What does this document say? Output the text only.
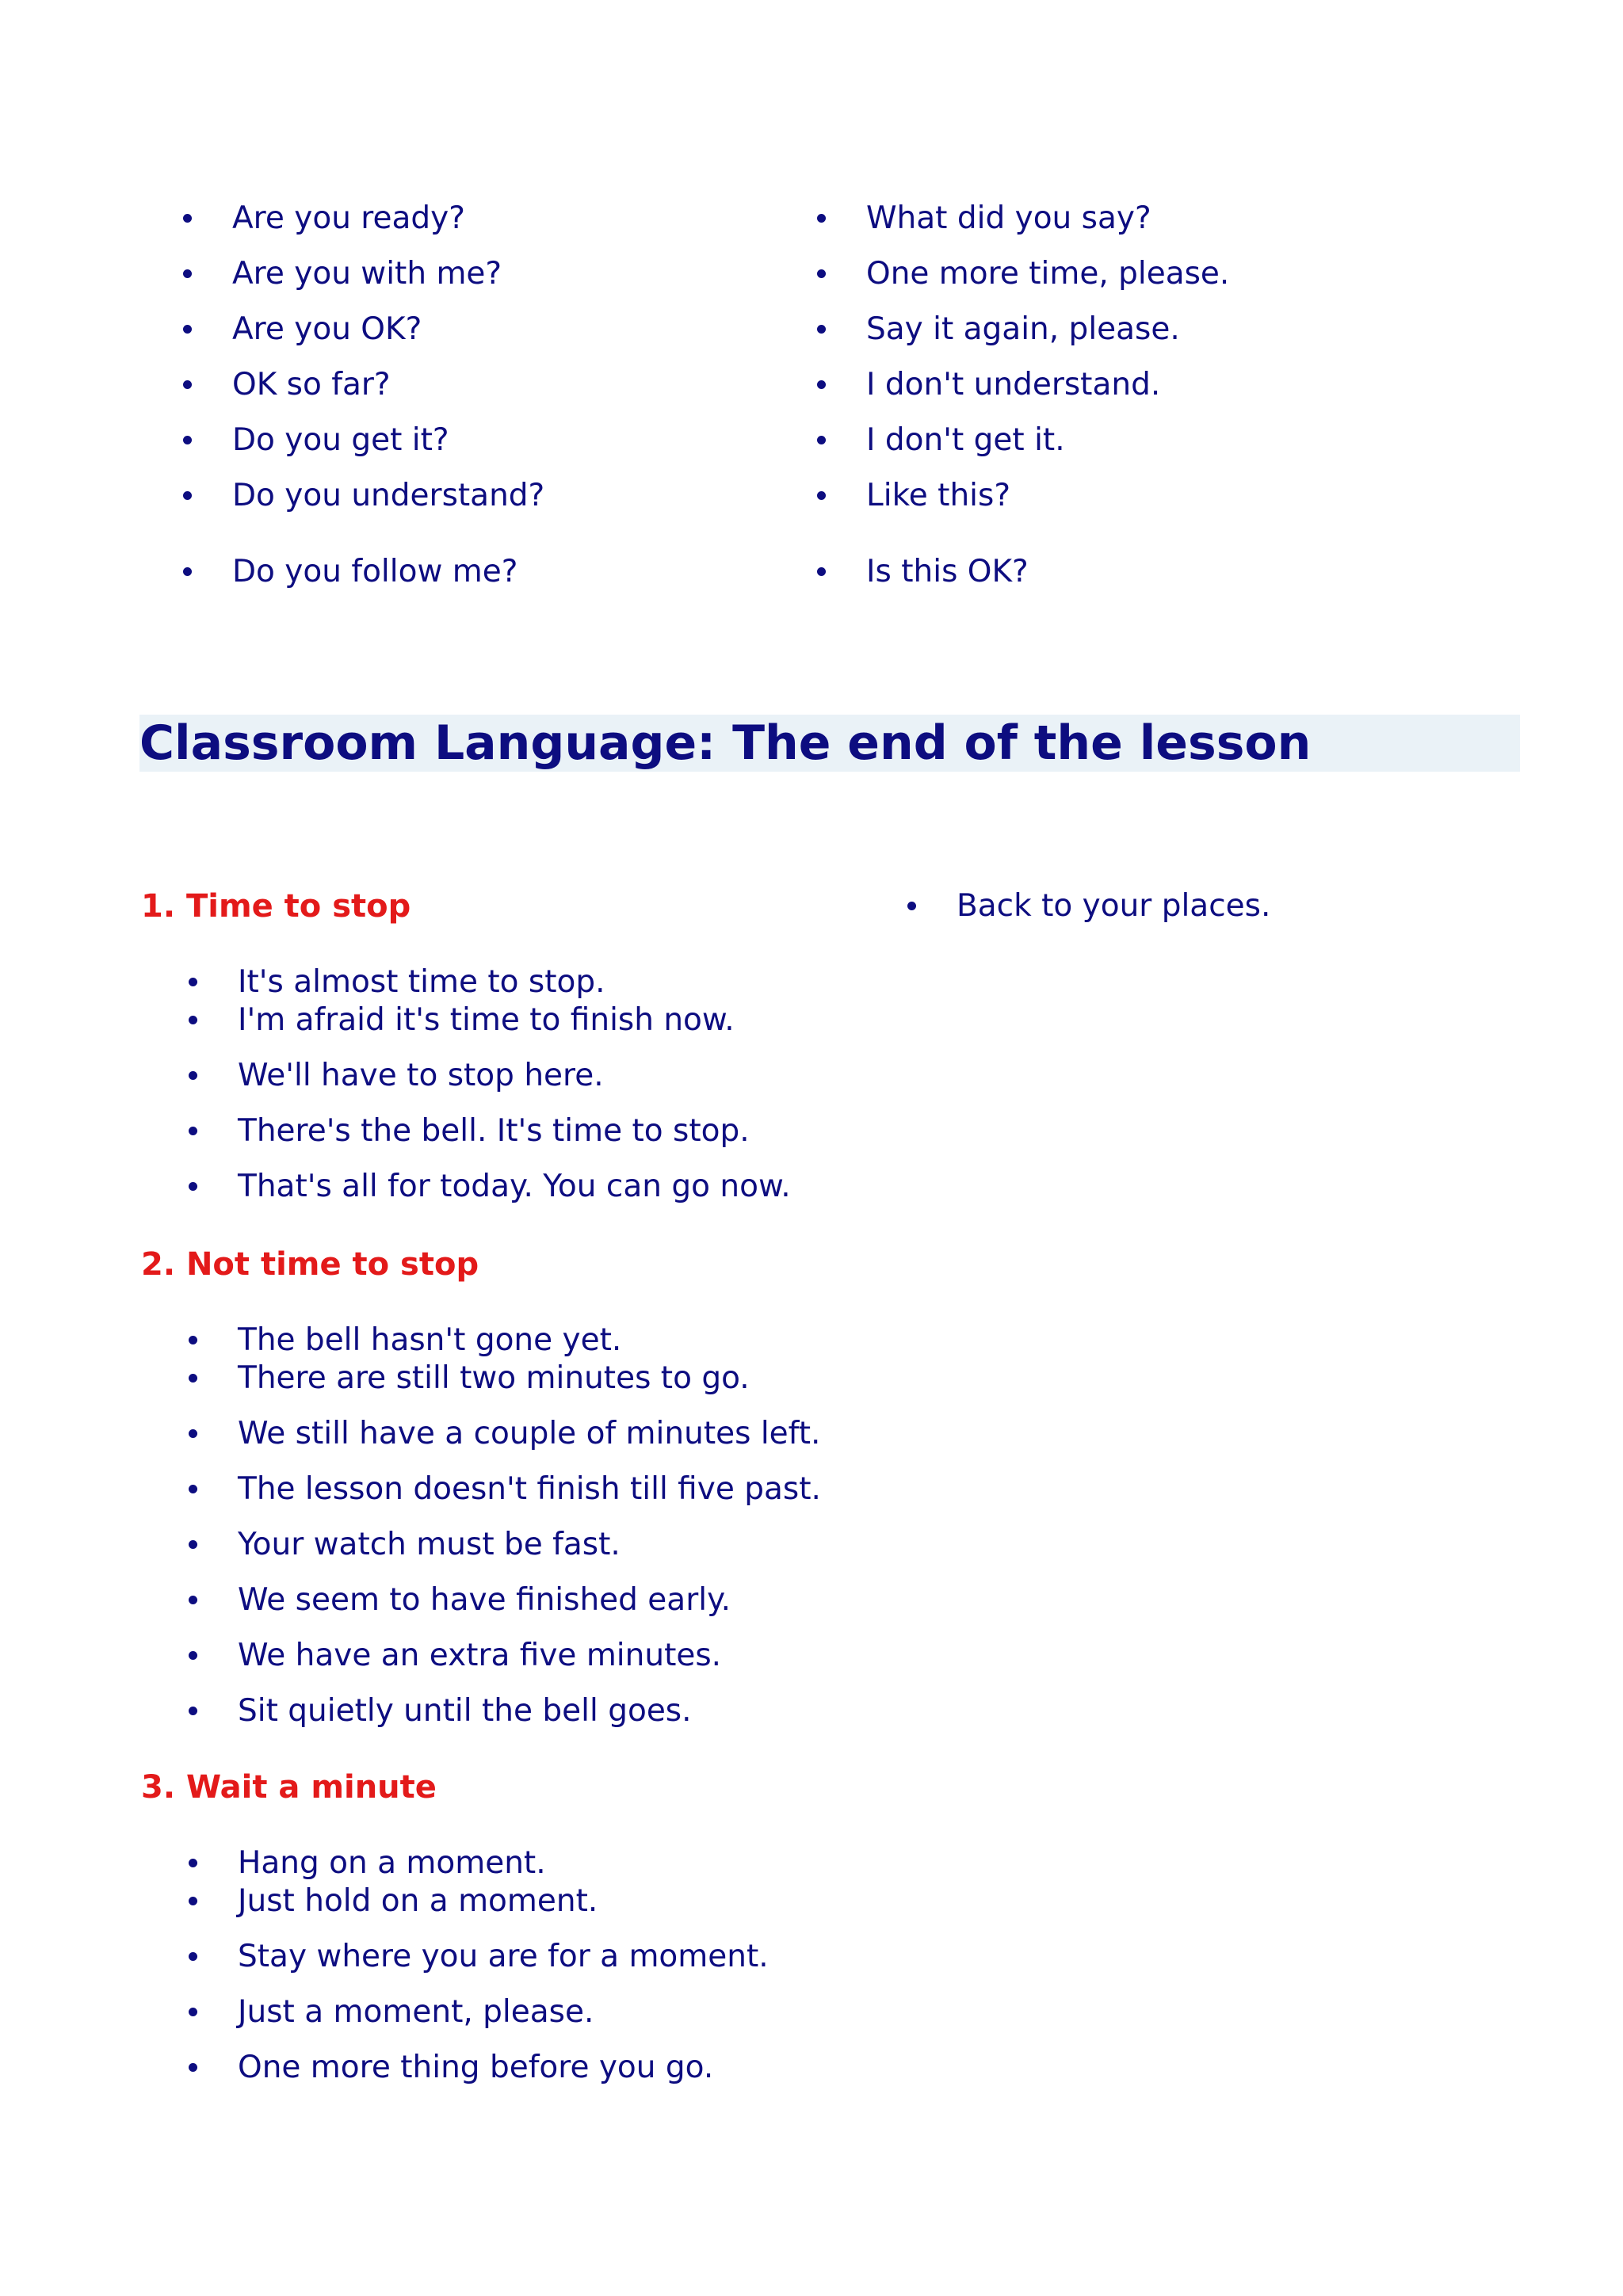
Are you ready?
Are you with me?
Are you OK?
OK so far?
Do you get it?
Do you understand?
Do you follow me?
What did you say?
One more time, please.
Say it again, please.
I don't understand.
I don't get it.
Like this?
Is this OK?
Classroom Language: The end of the lesson
1. Time to stop
It's almost time to stop.
I'm afraid it's time to finish now.
We'll have to stop here.
There's the bell. It's time to stop.
That's all for today. You can go now.
2. Not time to stop
The bell hasn't gone yet.
There are still two minutes to go.
We still have a couple of minutes left.
The lesson doesn't finish till five past.
Your watch must be fast.
We seem to have finished early.
We have an extra five minutes.
Sit quietly until the bell goes.
3. Wait a minute
Hang on a moment.
Just hold on a moment.
Stay where you are for a moment.
Just a moment, please.
One more thing before you go.
Back to your places.
